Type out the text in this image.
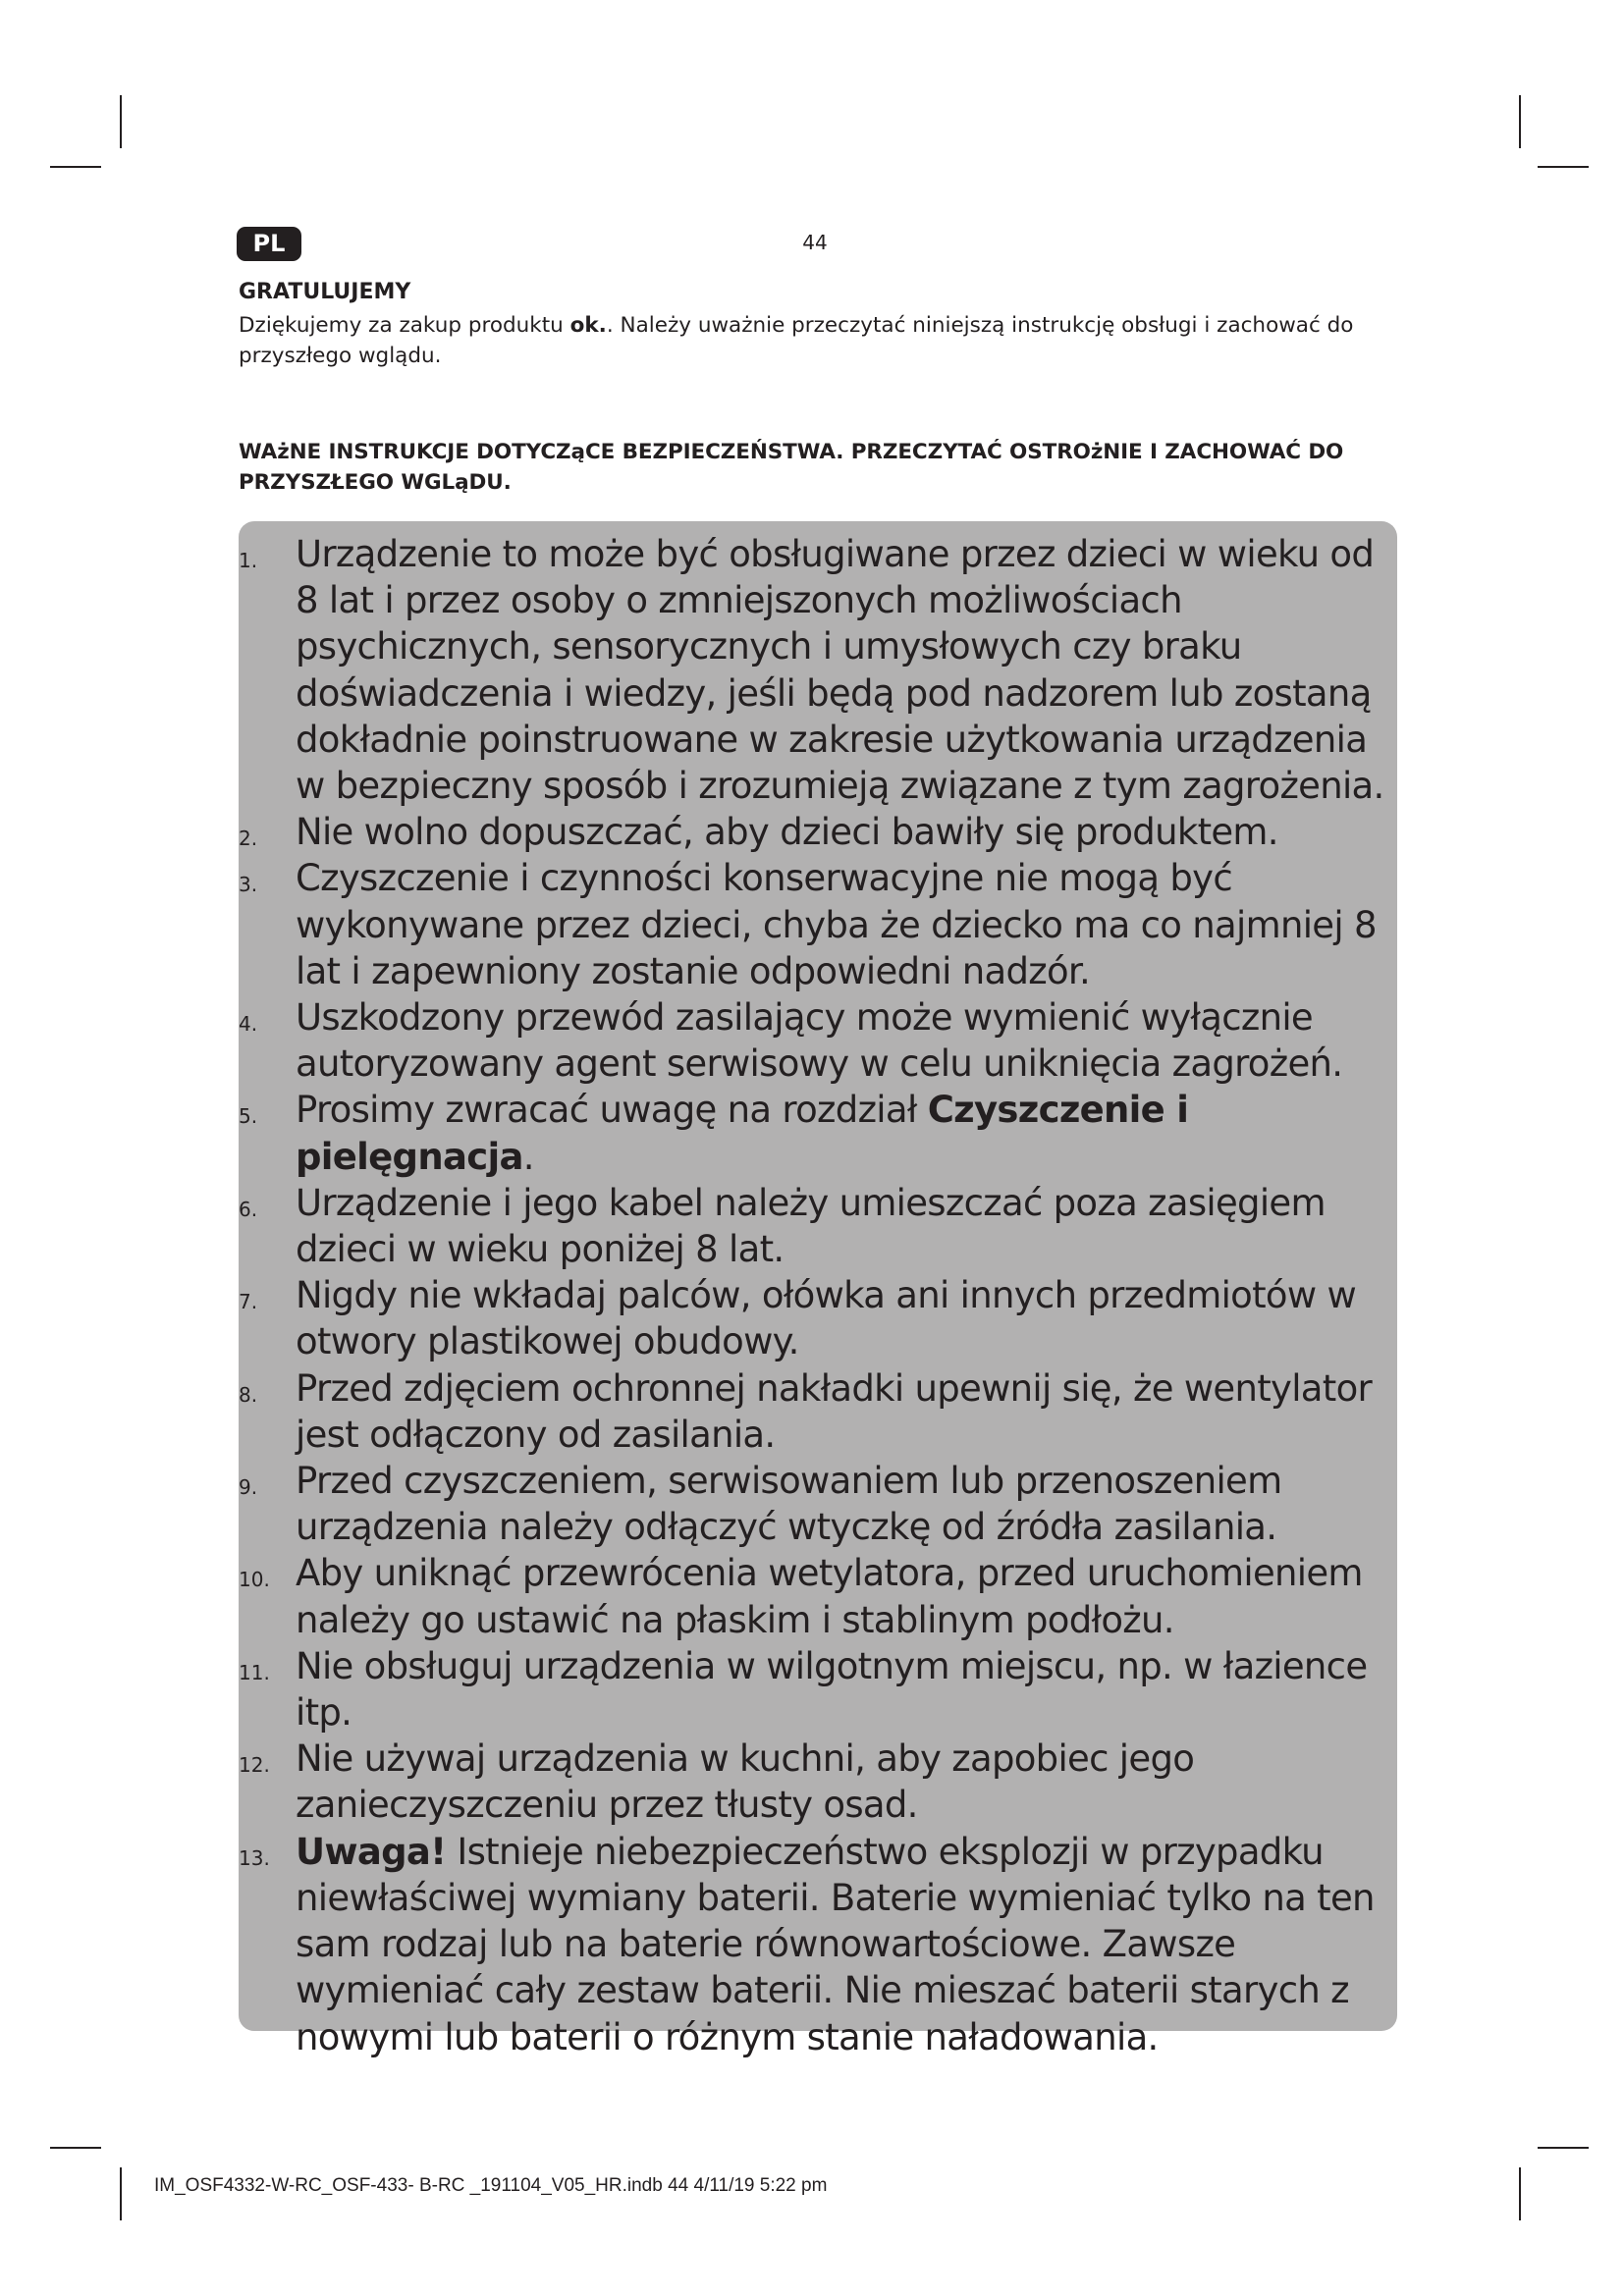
PL	44
GRATULUJEMY
Dziękujemy za zakup produktu ok.. Należy uważnie przeczytać niniejszą instrukcję obsługi i zachować do przyszłego wglądu.
WAżNE INSTRUKCJE DOTYCZąCE BEZPIECZEŃSTWA. PRZECZYTAĆ OSTROżNIE I ZACHOWAĆ DO PRZYSZŁEGO WGLąDU.
1. Urządzenie to może być obsługiwane przez dzieci w wieku od 8 lat i przez osoby o zmniejszonych możliwościach psychicznych, sensorycznych i umysłowych czy braku doświadczenia i wiedzy, jeśli będą pod nadzorem lub zostaną dokładnie poinstruowane w zakresie użytkowania urządzenia w bezpieczny sposób i zrozumieją związane z tym zagrożenia.
2. Nie wolno dopuszczać, aby dzieci bawiły się produktem.
3. Czyszczenie i czynności konserwacyjne nie mogą być wykonywane przez dzieci, chyba że dziecko ma co najmniej 8 lat i zapewniony zostanie odpowiedni nadzór.
4. Uszkodzony przewód zasilający może wymienić wyłącznie autoryzowany agent serwisowy w celu uniknięcia zagrożeń.
5. Prosimy zwracać uwagę na rozdział Czyszczenie i pielęgnacja.
6. Urządzenie i jego kabel należy umieszczać poza zasięgiem dzieci w wieku poniżej 8 lat.
7. Nigdy nie wkładaj palców, ołówka ani innych przedmiotów w otwory plastikowej obudowy.
8. Przed zdjęciem ochronnej nakładki upewnij się, że wentylator jest odłączony od zasilania.
9. Przed czyszczeniem, serwisowaniem lub przenoszeniem urządzenia należy odłączyć wtyczkę od źródła zasilania.
10. Aby uniknąć przewrócenia wetylatora, przed uruchomieniem należy go ustawić na płaskim i stablinym podłożu.
11. Nie obsługuj urządzenia w wilgotnym miejscu, np. w łazience itp.
12. Nie używaj urządzenia w kuchni, aby zapobiec jego zanieczyszczeniu przez tłusty osad.
13. Uwaga! Istnieje niebezpieczeństwo eksplozji w przypadku niewłaściwej wymiany baterii. Baterie wymieniać tylko na ten sam rodzaj lub na baterie równowartościowe. Zawsze wymieniać cały zestaw baterii. Nie mieszać baterii starych z nowymi lub baterii o różnym stanie naładowania.
IM_OSF4332-W-RC_OSF-433- B-RC _191104_V05_HR.indb 44 4/11/19 5:22 pm
